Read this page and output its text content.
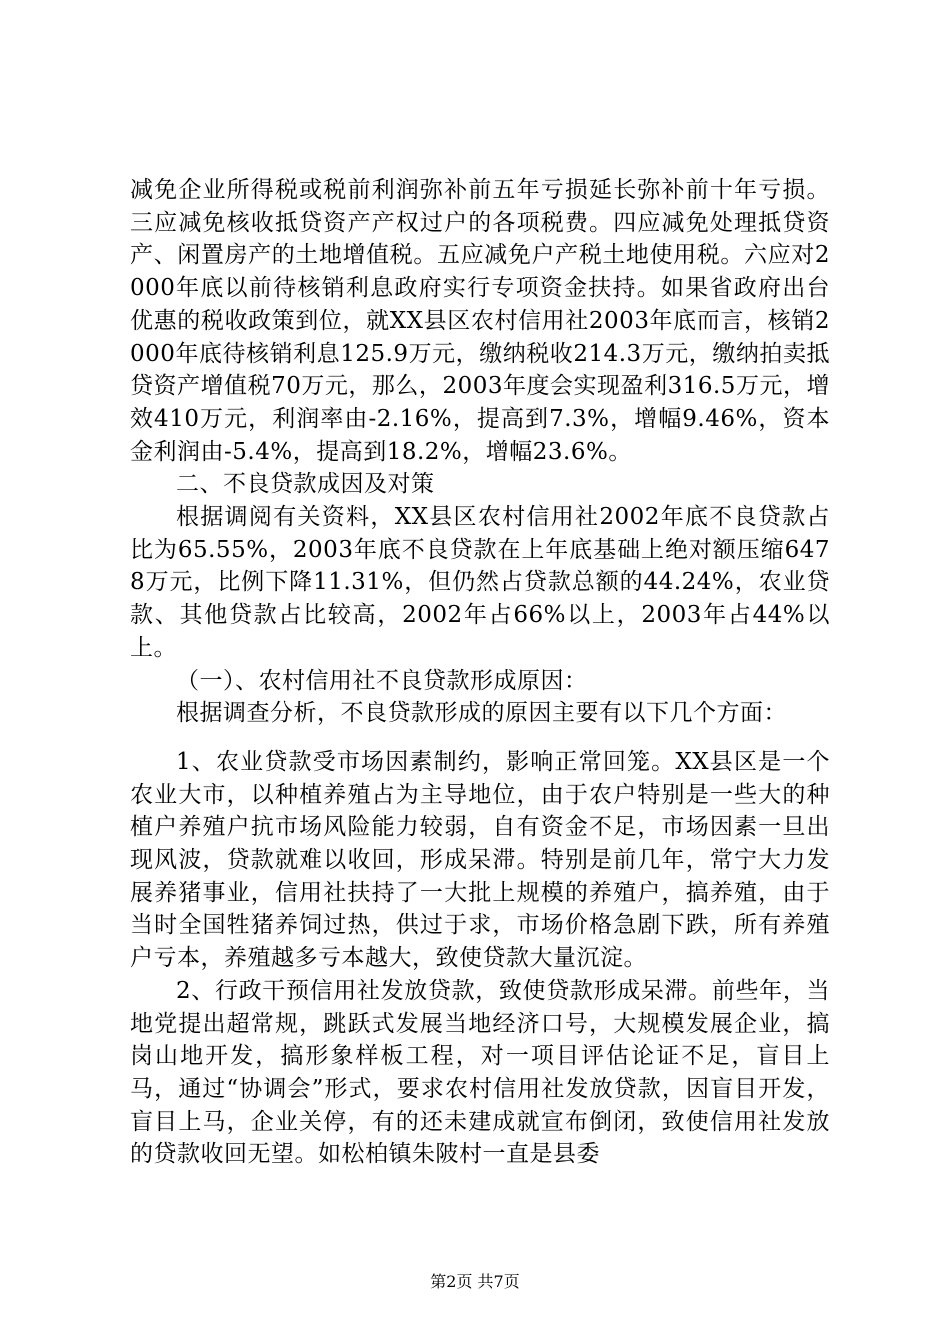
减免企业所得税或税前利润弥补前五年亏损延长弥补前十年亏损。三应减免核收抵贷资产产权过户的各项税费。四应减免处理抵贷资产、闲置房产的土地增值税。五应减免户产税土地使用税。六应对2000年底以前待核销利息政府实行专项资金扶持。如果省政府出台优惠的税收政策到位，就XX县区农村信用社2003年底而言，核销2000年底待核销利息125.9万元，缴纳税收214.3万元，缴纳拍卖抵贷资产增值税70万元，那么，2003年度会实现盈利316.5万元，增效410万元，利润率由-2.16%，提高到7.3%，增幅9.46%，资本金利润由-5.4%，提高到18.2%，增幅23.6%。

二、不良贷款成因及对策

根据调阅有关资料，XX县区农村信用社2002年底不良贷款占比为65.55%，2003年底不良贷款在上年底基础上绝对额压缩6478万元，比例下降11.31%，但仍然占贷款总额的44.24%，农业贷款、其他贷款占比较高，2002年占66%以上，2003年占44%以上。

（一）、农村信用社不良贷款形成原因：

根据调查分析，不良贷款形成的原因主要有以下几个方面：

1、农业贷款受市场因素制约，影响正常回笼。XX县区是一个农业大市，以种植养殖占为主导地位，由于农户特别是一些大的种植户养殖户抗市场风险能力较弱，自有资金不足，市场因素一旦出现风波，贷款就难以收回，形成呆滞。特别是前几年，常宁大力发展养猪事业，信用社扶持了一大批上规模的养殖户，搞养殖，由于当时全国牲猪养饲过热，供过于求，市场价格急剧下跌，所有养殖户亏本，养殖越多亏本越大，致使贷款大量沉淀。

2、行政干预信用社发放贷款，致使贷款形成呆滞。前些年，当地党提出超常规，跳跃式发展当地经济口号，大规模发展企业，搞岗山地开发，搞形象样板工程，对一项目评估论证不足，盲目上马，通过“协调会”形式，要求农村信用社发放贷款，因盲目开发，盲目上马，企业关停，有的还未建成就宣布倒闭，致使信用社发放的贷款收回无望。如松柏镇朱陂村一直是县委

第2页 共7页
